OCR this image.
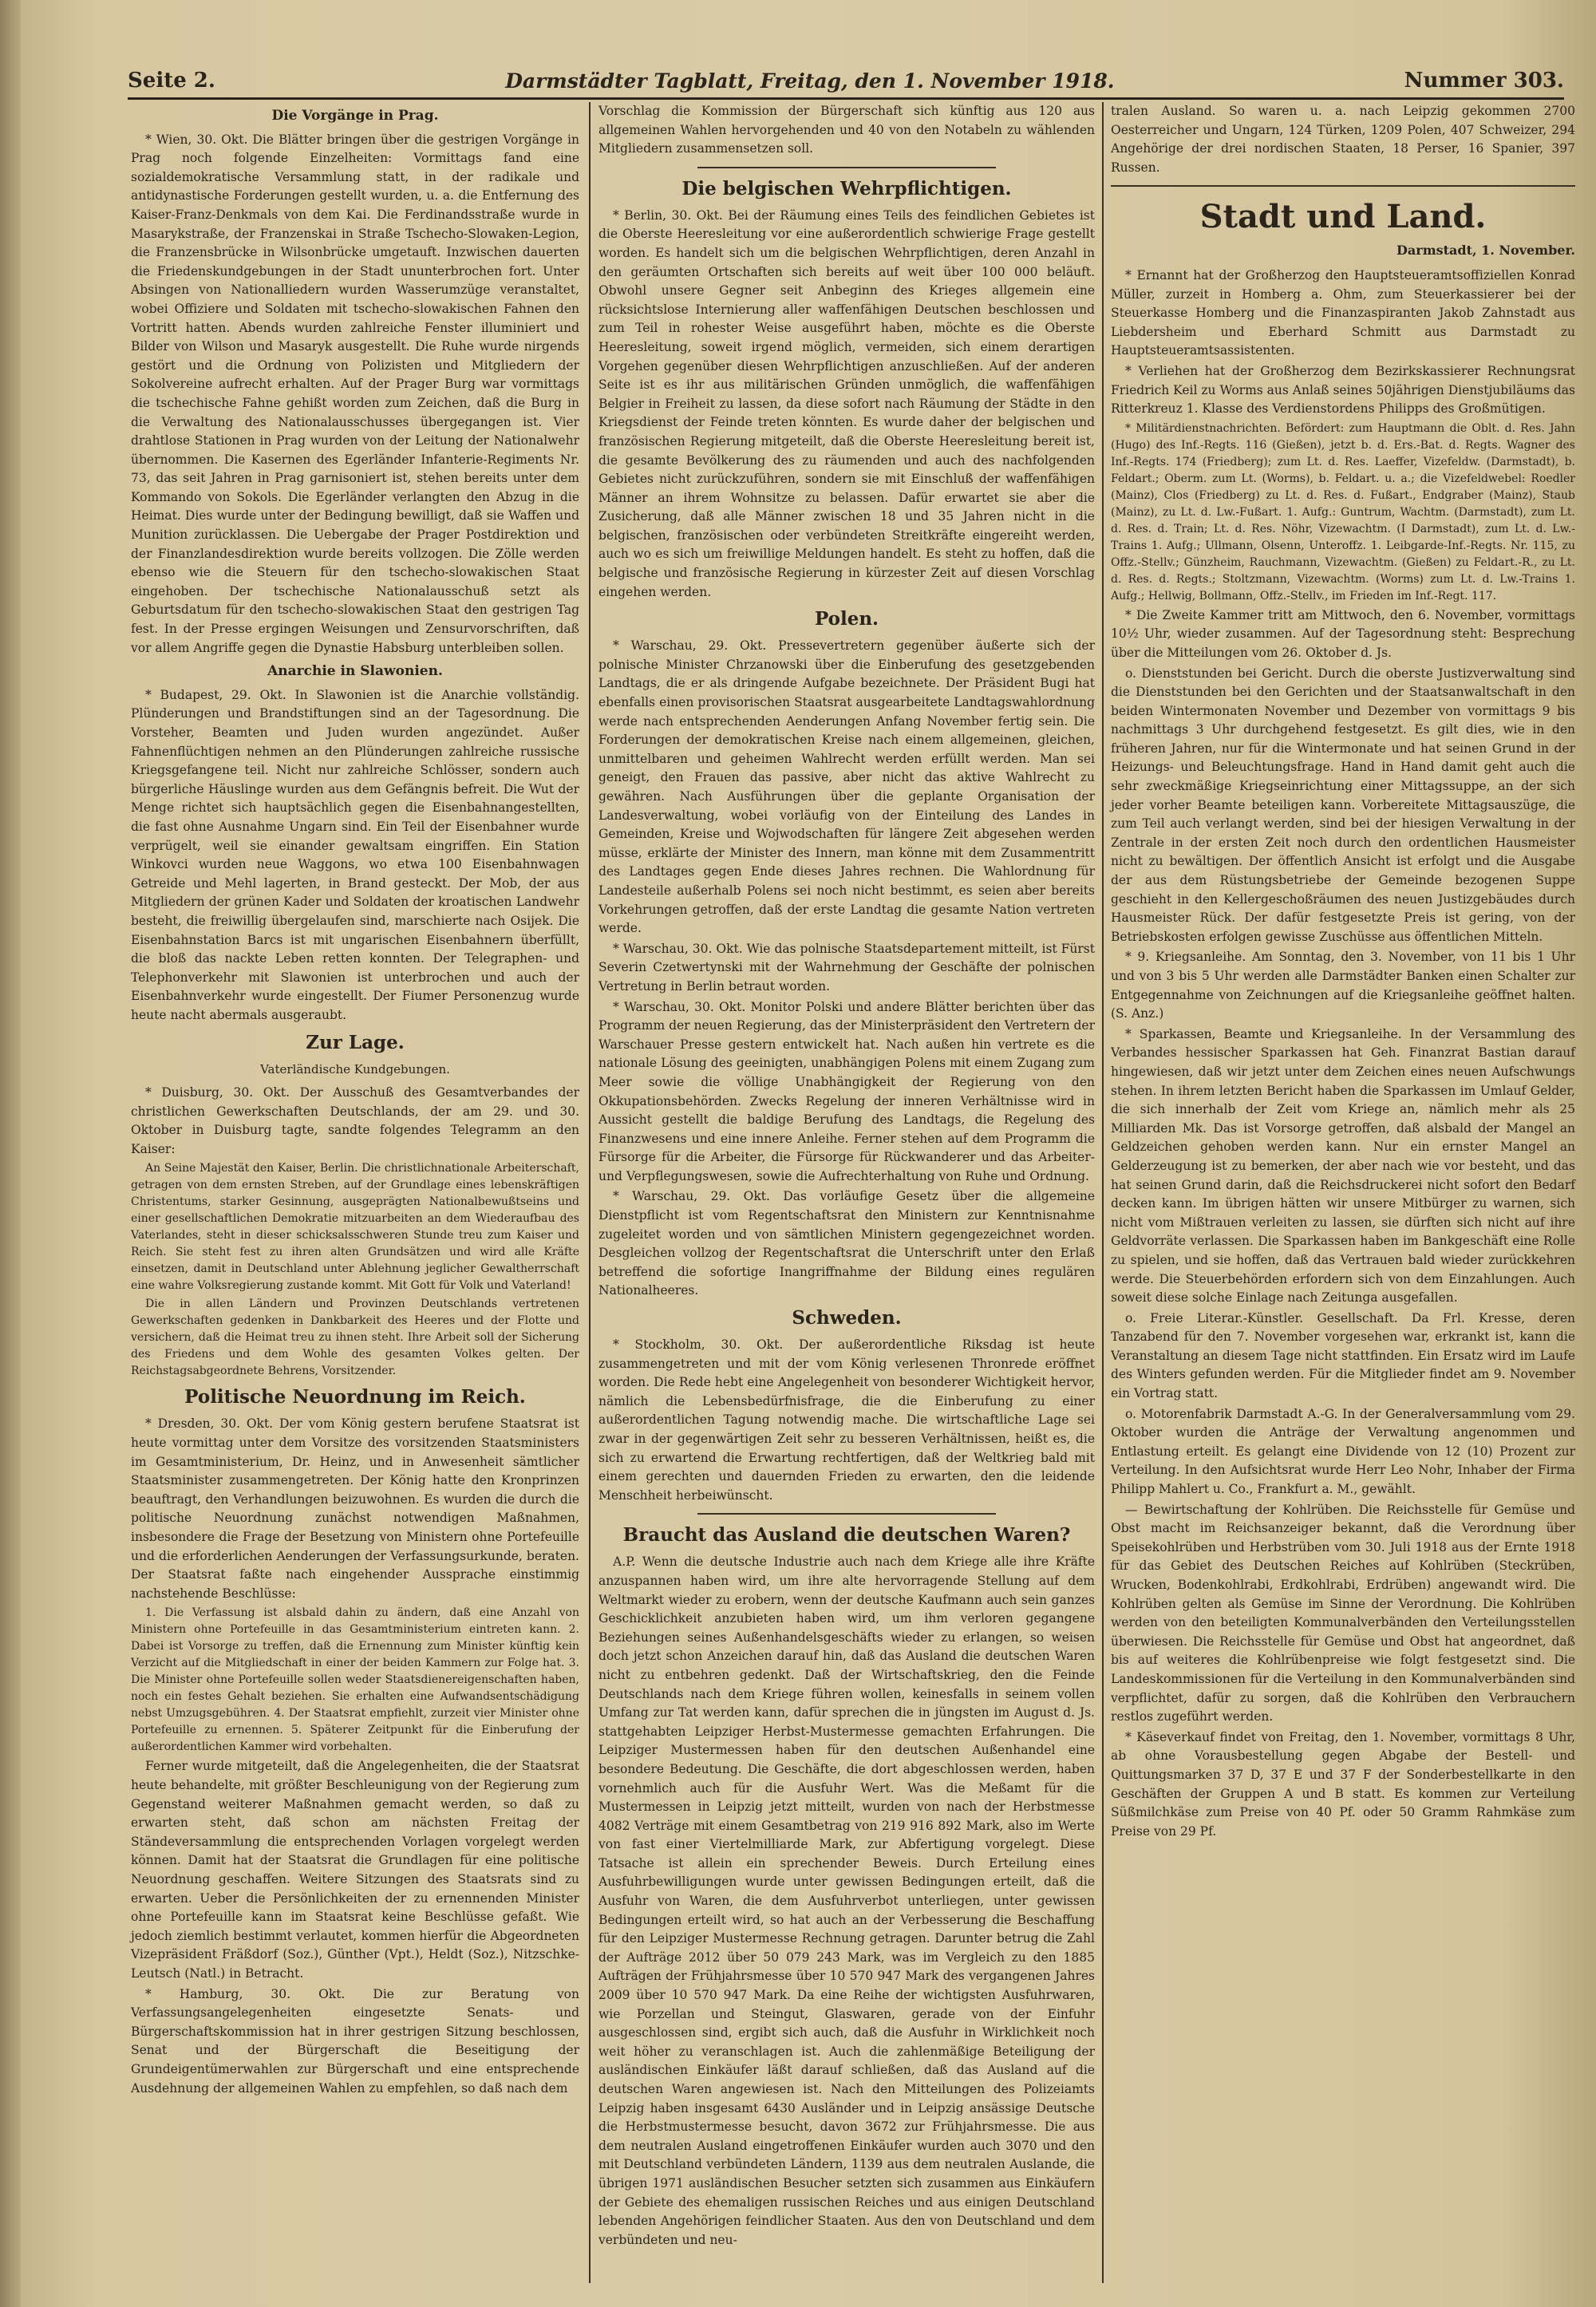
Seite 2.	Darmstädter Tagblatt, Freitag, den 1. November 1918.	Nummer 303.
Die Vorgänge in Prag.

* Wien, 30. Okt. Die Blätter bringen über die gestrigen Vorgänge in Prag noch folgende Einzelheiten: Vormittags fand eine sozialdemokratische Versammlung statt, in der radikale und antidynastische Forderungen gestellt wurden, u. a. die Entfernung des Kaiser-Franz-Denkmals von dem Kai. Die Ferdinandsstraße wurde in Masarykstraße, der Franzenskai in Straße Tschecho-Slowaken-Legion, die Franzensbrücke in Wilsonbrücke umgetauft. Inzwischen dauerten die Friedenskundgebungen in der Stadt ununterbrochen fort. Unter Absingen von Nationalliedern wurden Wasserumzüge veranstaltet, wobei Offiziere und Soldaten mit tschecho-slowakischen Fahnen den Vortritt hatten. Abends wurden zahlreiche Fenster illuminiert und Bilder von Wilson und Masaryk ausgestellt. Die Ruhe wurde nirgends gestört und die Ordnung von Polizisten und Mitgliedern der Sokolvereine aufrecht erhalten. Auf der Prager Burg war vormittags die tschechische Fahne gehißt worden zum Zeichen, daß die Burg in die Verwaltung des Nationalausschusses übergegangen ist. Vier drahtlose Stationen in Prag wurden von der Leitung der Nationalwehr übernommen. Die Kasernen des Egerländer Infanterie-Regiments Nr. 73, das seit Jahren in Prag garnisoniert ist, stehen bereits unter dem Kommando von Sokols. Die Egerländer verlangten den Abzug in die Heimat. Dies wurde unter der Bedingung bewilligt, daß sie Waffen und Munition zurücklassen. Die Uebergabe der Prager Postdirektion und der Finanzlandesdirektion wurde bereits vollzogen. Die Zölle werden ebenso wie die Steuern für den tschecho-slowakischen Staat eingehoben. Der tschechische Nationalausschuß setzt als Geburtsdatum für den tschecho-slowakischen Staat den gestrigen Tag fest. In der Presse ergingen Weisungen und Zensurvorschriften, daß vor allem Angriffe gegen die Dynastie Habsburg unterbleiben sollen.

Anarchie in Slawonien.

* Budapest, 29. Okt. In Slawonien ist die Anarchie vollständig. Plünderungen und Brandstiftungen sind an der Tagesordnung. Die Vorsteher, Beamten und Juden wurden angezündet. Außer Fahnenflüchtigen nehmen an den Plünderungen zahlreiche russische Kriegsgefangene teil. Nicht nur zahlreiche Schlösser, sondern auch bürgerliche Häuslinge wurden aus dem Gefängnis befreit. Die Wut der Menge richtet sich hauptsächlich gegen die Eisenbahnangestellten, die fast ohne Ausnahme Ungarn sind. Ein Teil der Eisenbahner wurde verprügelt, weil sie einander gewaltsam eingriffen. Ein Station Winkovci wurden neue Waggons, wo etwa 100 Eisenbahnwagen Getreide und Mehl lagerten, in Brand gesteckt. Der Mob, der aus Mitgliedern der grünen Kader und Soldaten der kroatischen Landwehr besteht, die freiwillig übergelaufen sind, marschierte nach Osijek. Die Eisenbahnstation Barcs ist mit ungarischen Eisenbahnern überfüllt, die bloß das nackte Leben retten konnten. Der Telegraphen- und Telephonverkehr mit Slawonien ist unterbrochen und auch der Eisenbahnverkehr wurde eingestellt. Der Fiumer Personenzug wurde heute nacht abermals ausgeraubt.

Zur Lage.
Vaterländische Kundgebungen.

* Duisburg, 30. Okt. Der Ausschuß des Gesamtverbandes der christlichen Gewerkschaften Deutschlands, der am 29. und 30. Oktober in Duisburg tagte, sandte folgendes Telegramm an den Kaiser:

An Seine Majestät den Kaiser, Berlin. Die christlichnationale Arbeiterschaft, getragen von dem ernsten Streben, auf der Grundlage eines lebenskräftigen Christentums, starker Gesinnung, ausgeprägten Nationalbewußtseins und einer gesellschaftlichen Demokratie mitzuarbeiten an dem Wiederaufbau des Vaterlandes, steht in dieser schicksalsschweren Stunde treu zum Kaiser und Reich. Sie steht fest zu ihren alten Grundsätzen und wird alle Kräfte einsetzen, damit in Deutschland unter Ablehnung jeglicher Gewaltherrschaft eine wahre Volksregierung zustande kommt. Mit Gott für Volk und Vaterland!

Die in allen Ländern und Provinzen Deutschlands vertretenen Gewerkschaften gedenken in Dankbarkeit des Heeres und der Flotte und versichern, daß die Heimat treu zu ihnen steht. Ihre Arbeit soll der Sicherung des Friedens und dem Wohle des gesamten Volkes gelten. Der Reichstagsabgeordnete Behrens, Vorsitzender.

Politische Neuordnung im Reich.

* Dresden, 30. Okt. Der vom König gestern berufene Staatsrat ist heute vormittag unter dem Vorsitze des vorsitzenden Staatsministers im Gesamtministerium, Dr. Heinz, und in Anwesenheit sämtlicher Staatsminister zusammengetreten. Der König hatte den Kronprinzen beauftragt, den Verhandlungen beizuwohnen. Es wurden die durch die politische Neuordnung zunächst notwendigen Maßnahmen, insbesondere die Frage der Besetzung von Ministern ohne Portefeuille und die erforderlichen Aenderungen der Verfassungsurkunde, beraten. Der Staatsrat faßte nach eingehender Aussprache einstimmig nachstehende Beschlüsse:

1. Die Verfassung ist alsbald dahin zu ändern, daß eine Anzahl von Ministern ohne Portefeuille in das Gesamtministerium eintreten kann. 2. Dabei ist Vorsorge zu treffen, daß die Ernennung zum Minister künftig kein Verzicht auf die Mitgliedschaft in einer der beiden Kammern zur Folge hat. 3. Die Minister ohne Portefeuille sollen weder Staatsdienereigenschaften haben, noch ein festes Gehalt beziehen. Sie erhalten eine Aufwandsentschädigung nebst Umzugsgebühren. 4. Der Staatsrat empfiehlt, zurzeit vier Minister ohne Portefeuille zu ernennen. 5. Späterer Zeitpunkt für die Einberufung der außerordentlichen Kammer wird vorbehalten.

Ferner wurde mitgeteilt, daß die Angelegenheiten, die der Staatsrat heute behandelte, mit größter Beschleunigung von der Regierung zum Gegenstand weiterer Maßnahmen gemacht werden, so daß zu erwarten steht, daß schon am nächsten Freitag der Ständeversammlung die entsprechenden Vorlagen vorgelegt werden können. Damit hat der Staatsrat die Grundlagen für eine politische Neuordnung geschaffen. Weitere Sitzungen des Staatsrats sind zu erwarten. Ueber die Persönlichkeiten der zu ernennenden Minister ohne Portefeuille kann im Staatsrat keine Beschlüsse gefaßt. Wie jedoch ziemlich bestimmt verlautet, kommen hierfür die Abgeordneten Vizepräsident Fräßdorf (Soz.), Günther (Vpt.), Heldt (Soz.), Nitzschke-Leutsch (Natl.) in Betracht.

* Hamburg, 30. Okt. Die zur Beratung von Verfassungsangelegenheiten eingesetzte Senats- und Bürgerschaftskommission hat in ihrer gestrigen Sitzung beschlossen, Senat und der Bürgerschaft die Beseitigung der Grundeigentümerwahlen zur Bürgerschaft und eine entsprechende Ausdehnung der allgemeinen Wahlen zu empfehlen, so daß nach dem

Vorschlag die Kommission der Bürgerschaft sich künftig aus 120 aus allgemeinen Wahlen hervorgehenden und 40 von den Notabeln zu wählenden Mitgliedern zusammensetzen soll.

Die belgischen Wehrpflichtigen.

* Berlin, 30. Okt. Bei der Räumung eines Teils des feindlichen Gebietes ist die Oberste Heeresleitung vor eine außerordentlich schwierige Frage gestellt worden. Es handelt sich um die belgischen Wehrpflichtigen, deren Anzahl in den geräumten Ortschaften sich bereits auf weit über 100 000 beläuft. Obwohl unsere Gegner seit Anbeginn des Krieges allgemein eine rücksichtslose Internierung aller waffenfähigen Deutschen beschlossen und zum Teil in rohester Weise ausgeführt haben, möchte es die Oberste Heeresleitung, soweit irgend möglich, vermeiden, sich einem derartigen Vorgehen gegenüber diesen Wehrpflichtigen anzuschließen. Auf der anderen Seite ist es ihr aus militärischen Gründen unmöglich, die waffenfähigen Belgier in Freiheit zu lassen, da diese sofort nach Räumung der Städte in den Kriegsdienst der Feinde treten könnten. Es wurde daher der belgischen und französischen Regierung mitgeteilt, daß die Oberste Heeresleitung bereit ist, die gesamte Bevölkerung des zu räumenden und auch des nachfolgenden Gebietes nicht zurückzuführen, sondern sie mit Einschluß der waffenfähigen Männer an ihrem Wohnsitze zu belassen. Dafür erwartet sie aber die Zusicherung, daß alle Männer zwischen 18 und 35 Jahren nicht in die belgischen, französischen oder verbündeten Streitkräfte eingereiht werden, auch wo es sich um freiwillige Meldungen handelt. Es steht zu hoffen, daß die belgische und französische Regierung in kürzester Zeit auf diesen Vorschlag eingehen werden.

Polen.

* Warschau, 29. Okt. Pressevertretern gegenüber äußerte sich der polnische Minister Chrzanowski über die Einberufung des gesetzgebenden Landtags, die er als dringende Aufgabe bezeichnete. Der Präsident Bugi hat ebenfalls einen provisorischen Staatsrat ausgearbeitete Landtagswahlordnung werde nach entsprechenden Aenderungen Anfang November fertig sein. Die Forderungen der demokratischen Kreise nach einem allgemeinen, gleichen, unmittelbaren und geheimen Wahlrecht werden erfüllt werden. Man sei geneigt, den Frauen das passive, aber nicht das aktive Wahlrecht zu gewähren. Nach Ausführungen über die geplante Organisation der Landesverwaltung, wobei vorläufig von der Einteilung des Landes in Gemeinden, Kreise und Wojwodschaften für längere Zeit abgesehen werden müsse, erklärte der Minister des Innern, man könne mit dem Zusammentritt des Landtages gegen Ende dieses Jahres rechnen. Die Wahlordnung für Landesteile außerhalb Polens sei noch nicht bestimmt, es seien aber bereits Vorkehrungen getroffen, daß der erste Landtag die gesamte Nation vertreten werde.

* Warschau, 30. Okt. Wie das polnische Staatsdepartement mitteilt, ist Fürst Severin Czetwertynski mit der Wahrnehmung der Geschäfte der polnischen Vertretung in Berlin betraut worden.

* Warschau, 30. Okt. Monitor Polski und andere Blätter berichten über das Programm der neuen Regierung, das der Ministerpräsident den Vertretern der Warschauer Presse gestern entwickelt hat. Nach außen hin vertrete es die nationale Lösung des geeinigten, unabhängigen Polens mit einem Zugang zum Meer sowie die völlige Unabhängigkeit der Regierung von den Okkupationsbehörden. Zwecks Regelung der inneren Verhältnisse wird in Aussicht gestellt die baldige Berufung des Landtags, die Regelung des Finanzwesens und eine innere Anleihe. Ferner stehen auf dem Programm die Fürsorge für die Arbeiter, die Fürsorge für Rückwanderer und das Arbeiter- und Verpflegungswesen, sowie die Aufrechterhaltung von Ruhe und Ordnung.

* Warschau, 29. Okt. Das vorläufige Gesetz über die allgemeine Dienstpflicht ist vom Regentschaftsrat den Ministern zur Kenntnisnahme zugeleitet worden und von sämtlichen Ministern gegengezeichnet worden. Desgleichen vollzog der Regentschaftsrat die Unterschrift unter den Erlaß betreffend die sofortige Inangriffnahme der Bildung eines regulären Nationalheeres.

Schweden.

* Stockholm, 30. Okt. Der außerordentliche Riksdag ist heute zusammengetreten und mit der vom König verlesenen Thronrede eröffnet worden. Die Rede hebt eine Angelegenheit von besonderer Wichtigkeit hervor, nämlich die Lebensbedürfnisfrage, die die Einberufung zu einer außerordentlichen Tagung notwendig mache. Die wirtschaftliche Lage sei zwar in der gegenwärtigen Zeit sehr zu besseren Verhältnissen, heißt es, die sich zu erwartend die Erwartung rechtfertigen, daß der Weltkrieg bald mit einem gerechten und dauernden Frieden zu erwarten, den die leidende Menschheit herbeiwünscht.

Braucht das Ausland die deutschen Waren?

A.P. Wenn die deutsche Industrie auch nach dem Kriege alle ihre Kräfte anzuspannen haben wird, um ihre alte hervorragende Stellung auf dem Weltmarkt wieder zu erobern, wenn der deutsche Kaufmann auch sein ganzes Geschicklichkeit anzubieten haben wird, um ihm verloren gegangene Beziehungen seines Außenhandelsgeschäfts wieder zu erlangen, so weisen doch jetzt schon Anzeichen darauf hin, daß das Ausland die deutschen Waren nicht zu entbehren gedenkt. Daß der Wirtschaftskrieg, den die Feinde Deutschlands nach dem Kriege führen wollen, keinesfalls in seinem vollen Umfang zur Tat werden kann, dafür sprechen die in jüngsten im August d. Js. stattgehabten Leipziger Herbst-Mustermesse gemachten Erfahrungen. Die Leipziger Mustermessen haben für den deutschen Außenhandel eine besondere Bedeutung. Die Geschäfte, die dort abgeschlossen werden, haben vornehmlich auch für die Ausfuhr Wert. Was die Meßamt für die Mustermessen in Leipzig jetzt mitteilt, wurden von nach der Herbstmesse 4082 Verträge mit einem Gesamtbetrag von 219 916 892 Mark, also im Werte von fast einer Viertelmilliarde Mark, zur Abfertigung vorgelegt. Diese Tatsache ist allein ein sprechender Beweis. Durch Erteilung eines Ausfuhrbewilligungen wurde unter gewissen Bedingungen erteilt, daß die Ausfuhr von Waren, die dem Ausfuhrverbot unterliegen, unter gewissen Bedingungen erteilt wird, so hat auch an der Verbesserung die Beschaffung für den Leipziger Mustermesse Rechnung getragen. Darunter betrug die Zahl der Aufträge 2012 über 50 079 243 Mark, was im Vergleich zu den 1885 Aufträgen der Frühjahrsmesse über 10 570 947 Mark des vergangenen Jahres 2009 über 10 570 947 Mark. Da eine Reihe der wichtigsten Ausfuhrwaren, wie Porzellan und Steingut, Glaswaren, gerade von der Einfuhr ausgeschlossen sind, ergibt sich auch, daß die Ausfuhr in Wirklichkeit noch weit höher zu veranschlagen ist. Auch die zahlenmäßige Beteiligung der ausländischen Einkäufer läßt darauf schließen, daß das Ausland auf die deutschen Waren angewiesen ist. Nach den Mitteilungen des Polizeiamts Leipzig haben insgesamt 6430 Ausländer und in Leipzig ansässige Deutsche die Herbstmustermesse besucht, davon 3672 zur Frühjahrsmesse. Die aus dem neutralen Ausland eingetroffenen Einkäufer wurden auch 3070 und den mit Deutschland verbündeten Ländern, 1139 aus dem neutralen Auslande, die übrigen 1971 ausländischen Besucher setzten sich zusammen aus Einkäufern der Gebiete des ehemaligen russischen Reiches und aus einigen Deutschland lebenden Angehörigen feindlicher Staaten. Aus den von Deutschland und dem verbündeten und neu-

tralen Ausland. So waren u. a. nach Leipzig gekommen 2700 Oesterreicher und Ungarn, 124 Türken, 1209 Polen, 407 Schweizer, 294 Angehörige der drei nordischen Staaten, 18 Perser, 16 Spanier, 397 Russen.

Stadt und Land.
Darmstadt, 1. November.

* Ernannt hat der Großherzog den Hauptsteueramtsoffiziellen Konrad Müller, zurzeit in Homberg a. Ohm, zum Steuerkassierer bei der Steuerkasse Homberg und die Finanzaspiranten Jakob Zahnstadt aus Liebdersheim und Eberhard Schmitt aus Darmstadt zu Hauptsteueramtsassistenten.

* Verliehen hat der Großherzog dem Bezirkskassierer Rechnungsrat Friedrich Keil zu Worms aus Anlaß seines 50jährigen Dienstjubiläums das Ritterkreuz 1. Klasse des Verdienstordens Philipps des Großmütigen.

* Militärdienstnachrichten. Befördert: zum Hauptmann die Oblt. d. Res. Jahn (Hugo) des Inf.-Regts. 116 (Gießen), jetzt b. d. Ers.-Bat. d. Regts. Wagner des Inf.-Regts. 174 (Friedberg); zum Lt. d. Res. Laeffer, Vizefeldw. (Darmstadt), b. Feldart.; Oberm. zum Lt. (Worms), b. Feldart. u. a.; die Vizefeldwebel: Roedler (Mainz), Clos (Friedberg) zu Lt. d. Res. d. Fußart., Endgraber (Mainz), Staub (Mainz), zu Lt. d. Lw.-Fußart. 1. Aufg.: Guntrum, Wachtm. (Darmstadt), zum Lt. d. Res. d. Train; Lt. d. Res. Nöhr, Vizewachtm. (I Darmstadt), zum Lt. d. Lw.-Trains 1. Aufg.; Ullmann, Olsenn, Unteroffz. 1. Leibgarde-Inf.-Regts. Nr. 115, zu Offz.-Stellv.; Günzheim, Rauchmann, Vizewachtm. (Gießen) zu Feldart.-R., zu Lt. d. Res. d. Regts.; Stoltzmann, Vizewachtm. (Worms) zum Lt. d. Lw.-Trains 1. Aufg.; Hellwig, Bollmann, Offz.-Stellv., im Frieden im Inf.-Regt. 117.

* Die Zweite Kammer tritt am Mittwoch, den 6. November, vormittags 10½ Uhr, wieder zusammen. Auf der Tagesordnung steht: Besprechung über die Mitteilungen vom 26. Oktober d. Js.

o. Dienststunden bei Gericht. Durch die oberste Justizverwaltung sind die Dienststunden bei den Gerichten und der Staatsanwaltschaft in den beiden Wintermonaten November und Dezember von vormittags 9 bis nachmittags 3 Uhr durchgehend festgesetzt. Es gilt dies, wie in den früheren Jahren, nur für die Wintermonate und hat seinen Grund in der Heizungs- und Beleuchtungsfrage. Hand in Hand damit geht auch die sehr zweckmäßige Kriegseinrichtung einer Mittagssuppe, an der sich jeder vorher Beamte beteiligen kann. Vorbereitete Mittagsauszüge, die zum Teil auch verlangt werden, sind bei der hiesigen Verwaltung in der Zentrale in der ersten Zeit noch durch den ordentlichen Hausmeister nicht zu bewältigen. Der öffentlich Ansicht ist erfolgt und die Ausgabe der aus dem Rüstungsbetriebe der Gemeinde bezogenen Suppe geschieht in den Kellergeschoßräumen des neuen Justizgebäudes durch Hausmeister Rück. Der dafür festgesetzte Preis ist gering, von der Betriebskosten erfolgen gewisse Zuschüsse aus öffentlichen Mitteln.

* 9. Kriegsanleihe. Am Sonntag, den 3. November, von 11 bis 1 Uhr und von 3 bis 5 Uhr werden alle Darmstädter Banken einen Schalter zur Entgegennahme von Zeichnungen auf die Kriegsanleihe geöffnet halten. (S. Anz.)

* Sparkassen, Beamte und Kriegsanleihe. In der Versammlung des Verbandes hessischer Sparkassen hat Geh. Finanzrat Bastian darauf hingewiesen, daß wir jetzt unter dem Zeichen eines neuen Aufschwungs stehen. In ihrem letzten Bericht haben die Sparkassen im Umlauf Gelder, die sich innerhalb der Zeit vom Kriege an, nämlich mehr als 25 Milliarden Mk. Das ist Vorsorge getroffen, daß alsbald der Mangel an Geldzeichen gehoben werden kann. Nur ein ernster Mangel an Gelderzeugung ist zu bemerken, der aber nach wie vor besteht, und das hat seinen Grund darin, daß die Reichsdruckerei nicht sofort den Bedarf decken kann. Im übrigen hätten wir unsere Mitbürger zu warnen, sich nicht vom Mißtrauen verleiten zu lassen, sie dürften sich nicht auf ihre Geldvorräte verlassen. Die Sparkassen haben im Bankgeschäft eine Rolle zu spielen, und sie hoffen, daß das Vertrauen bald wieder zurückkehren werde. Die Steuerbehörden erfordern sich von dem Einzahlungen. Auch soweit diese solche Einlage nach Zeitunga ausgefallen.

o. Freie Literar.-Künstler. Gesellschaft. Da Frl. Kresse, deren Tanzabend für den 7. November vorgesehen war, erkrankt ist, kann die Veranstaltung an diesem Tage nicht stattfinden. Ein Ersatz wird im Laufe des Winters gefunden werden. Für die Mitglieder findet am 9. November ein Vortrag statt.

o. Motorenfabrik Darmstadt A.-G. In der Generalversammlung vom 29. Oktober wurden die Anträge der Verwaltung angenommen und Entlastung erteilt. Es gelangt eine Dividende von 12 (10) Prozent zur Verteilung. In den Aufsichtsrat wurde Herr Leo Nohr, Inhaber der Firma Philipp Mahlert u. Co., Frankfurt a. M., gewählt.

— Bewirtschaftung der Kohlrüben. Die Reichsstelle für Gemüse und Obst macht im Reichsanzeiger bekannt, daß die Verordnung über Speisekohlrüben und Herbstrüben vom 30. Juli 1918 aus der Ernte 1918 für das Gebiet des Deutschen Reiches auf Kohlrüben (Steckrüben, Wrucken, Bodenkohlrabi, Erdkohlrabi, Erdrüben) angewandt wird. Die Kohlrüben gelten als Gemüse im Sinne der Verordnung. Die Kohlrüben werden von den beteiligten Kommunalverbänden den Verteilungsstellen überwiesen. Die Reichsstelle für Gemüse und Obst hat angeordnet, daß bis auf weiteres die Kohlrübenpreise wie folgt festgesetzt sind. Die Landeskommissionen für die Verteilung in den Kommunalverbänden sind verpflichtet, dafür zu sorgen, daß die Kohlrüben den Verbrauchern restlos zugeführt werden.

* Käseverkauf findet von Freitag, den 1. November, vormittags 8 Uhr, ab ohne Vorausbestellung gegen Abgabe der Bestell- und Quittungsmarken 37 D, 37 E und 37 F der Sonderbestellkarte in den Geschäften der Gruppen A und B statt. Es kommen zur Verteilung Süßmilchkäse zum Preise von 40 Pf. oder 50 Gramm Rahmkäse zum Preise von 29 Pf.
